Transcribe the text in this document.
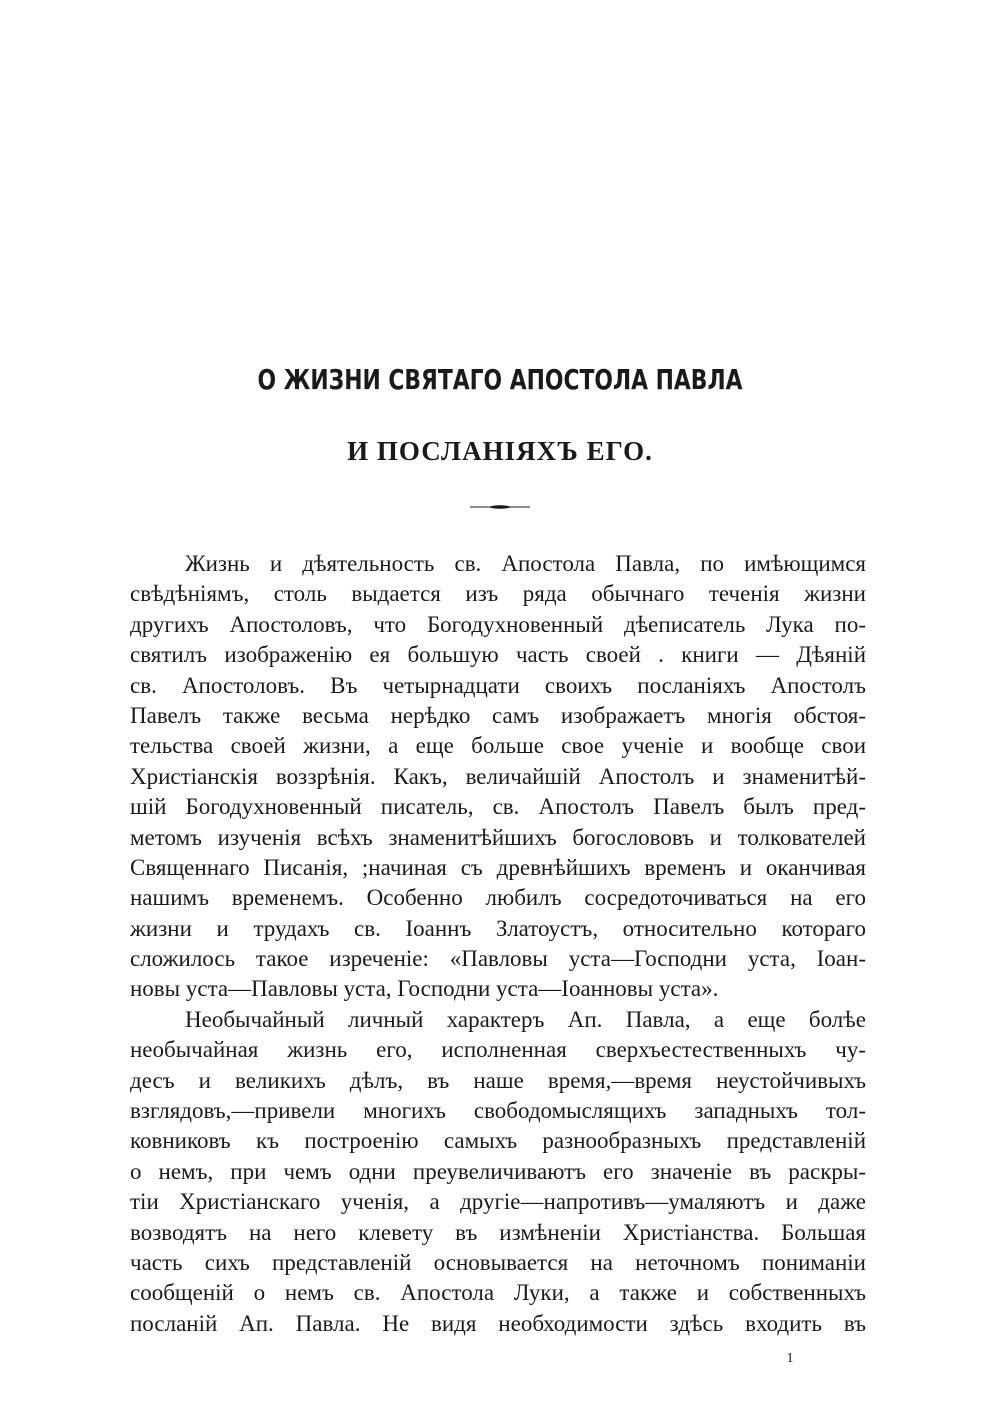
О ЖИЗНИ СВЯТАГО АПОСТОЛА ПАВЛА
И ПОСЛАНІЯХЪ ЕГО.
Жизнь и дѣятельность св. Апостола Павла, по имѣющимся
свѣдѣніямъ, столь выдается изъ ряда обычнаго теченія жизни
другихъ Апостоловъ, что Богодухновенный дѣеписатель Лука по-
святилъ изображенію ея большую часть своей . книги — Дѣяній
св. Апостоловъ. Въ четырнадцати своихъ посланіяхъ Апостолъ
Павелъ также весьма нерѣдко самъ изображаетъ многія обстоя-
тельства своей жизни, а еще больше свое ученіе и вообще свои
Христіанскія воззрѣнія. Какъ, величайшій Апостолъ и знаменитѣй-
шій Богодухновенный писатель, св. Апостолъ Павелъ былъ пред-
метомъ изученія всѣхъ знаменитѣйшихъ богослововъ и толкователей
Священнаго Писанія, ;начиная съ древнѣйшихъ временъ и оканчивая
нашимъ временемъ. Особенно любилъ сосредоточиваться на его
жизни и трудахъ св. Іоаннъ Златоустъ, относительно котораго
сложилось такое изреченіе: «Павловы уста—Господни уста, Іоан-
новы уста—Павловы уста, Господни уста—Іоанновы уста».
Необычайный личный характеръ Ап. Павла, а еще болѣе
необычайная жизнь его, исполненная сверхъестественныхъ чу-
десъ и великихъ дѣлъ, въ наше время,—время неустойчивыхъ
взглядовъ,—привели многихъ свободомыслящихъ западныхъ тол-
ковниковъ къ построенію самыхъ разнообразныхъ представленій
о немъ, при чемъ одни преувеличиваютъ его значеніе въ раскры-
тіи Христіанскаго ученія, а другіе—напротивъ—умаляютъ и даже
возводятъ на него клевету въ измѣненіи Христіанства. Большая
часть сихъ представленій основывается на неточномъ пониманіи
сообщеній о немъ св. Апостола Луки, а также и собственныхъ
посланій Ап. Павла. Не видя необходимости здѣсь входить въ
1
